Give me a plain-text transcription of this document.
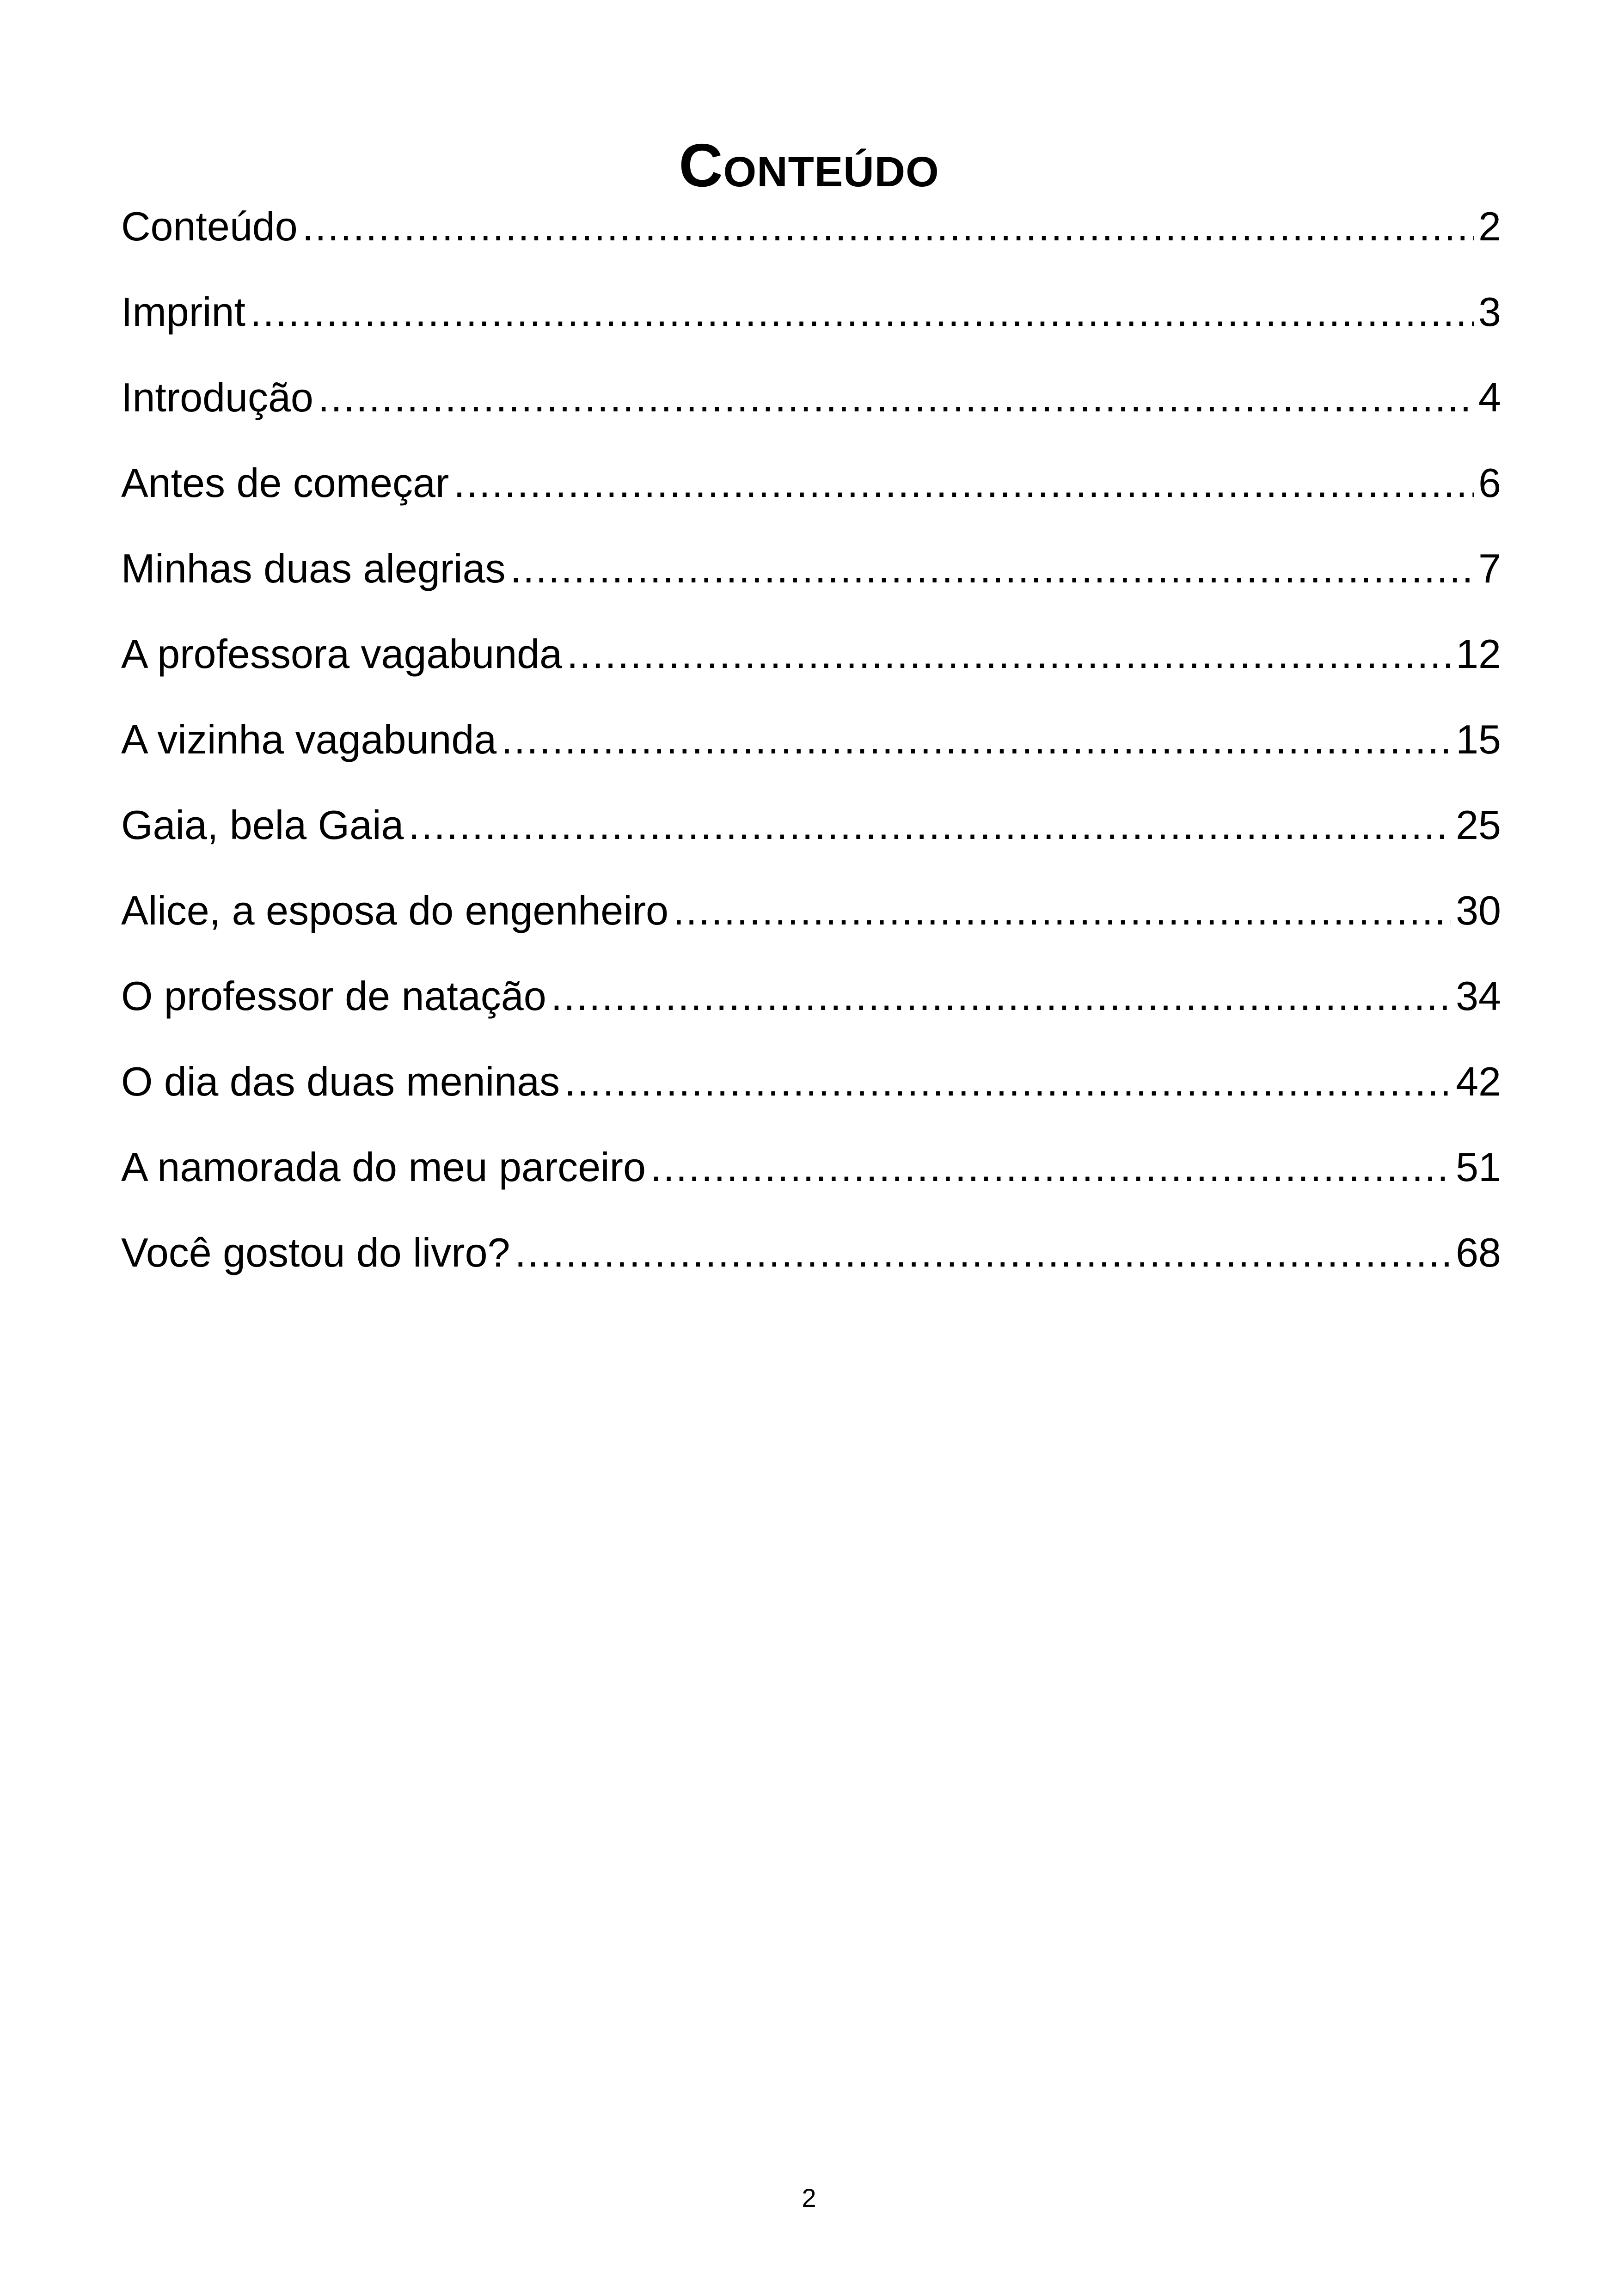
Conteúdo
Conteúdo .....	2
Imprint .....	3
Introdução .....	4
Antes de começar .....	6
Minhas duas alegrias .....	7
A professora vagabunda .....	12
A vizinha vagabunda .....	15
Gaia, bela Gaia .....	25
Alice, a esposa do engenheiro .....	30
O professor de natação .....	34
O dia das duas meninas .....	42
A namorada do meu parceiro .....	51
Você gostou do livro? .....	68
2
